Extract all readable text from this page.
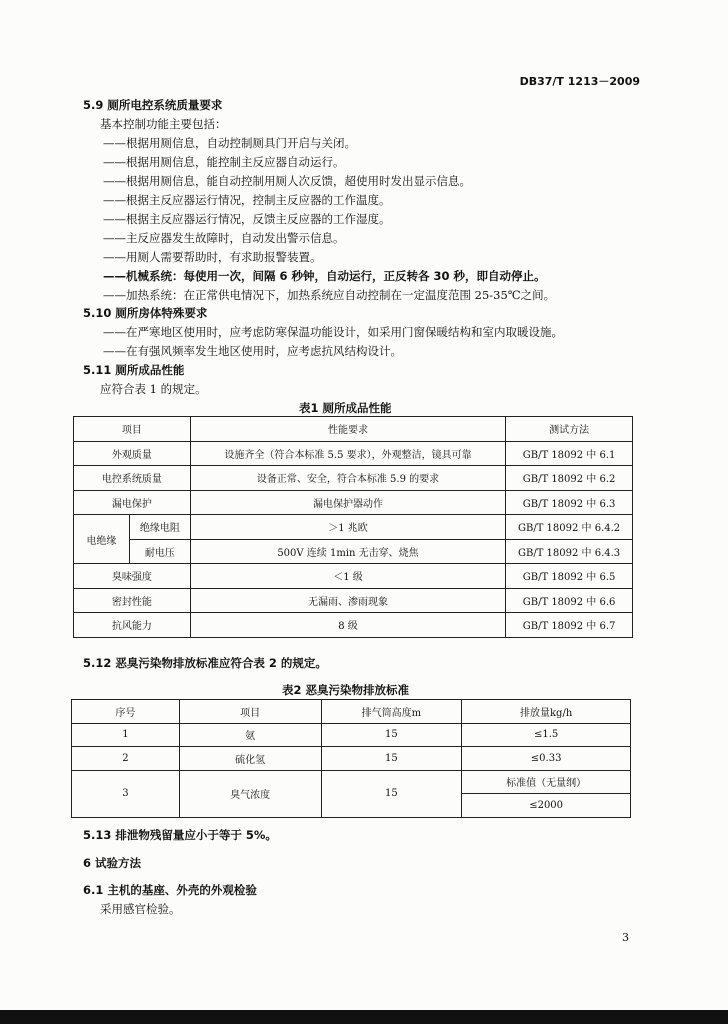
DB37/T 1213－2009
5.9 厕所电控系统质量要求
基本控制功能主要包括：
——根据用厕信息，自动控制厕具门开启与关闭。
——根据用厕信息，能控制主反应器自动运行。
——根据用厕信息，能自动控制用厕人次反馈，超使用时发出显示信息。
——根据主反应器运行情况，控制主反应器的工作温度。
——根据主反应器运行情况，反馈主反应器的工作湿度。
——主反应器发生故障时，自动发出警示信息。
——用厕人需要帮助时，有求助报警装置。
——机械系统：每使用一次，间隔 6 秒钟，自动运行，正反转各 30 秒，即自动停止。
——加热系统：在正常供电情况下，加热系统应自动控制在一定温度范围 25-35℃之间。
5.10 厕所房体特殊要求
——在严寒地区使用时，应考虑防寒保温功能设计，如采用门窗保暖结构和室内取暖设施。
——在有强风频率发生地区使用时，应考虑抗风结构设计。
5.11 厕所成品性能
应符合表 1 的规定。
表1 厕所成品性能
项目		性能要求	测试方法
外观质量		设施齐全（符合本标准 5.5 要求），外观整洁，镜具可靠	GB/T 18092 中 6.1
电控系统质量		设备正常、安全，符合本标准 5.9 的要求	GB/T 18092 中 6.2
漏电保护		漏电保护器动作	GB/T 18092 中 6.3
电绝缘	绝缘电阻	＞1 兆欧	GB/T 18092 中 6.4.2
	耐电压	500V 连续 1min 无击穿、烧焦	GB/T 18092 中 6.4.3
臭味强度		＜1 级	GB/T 18092 中 6.5
密封性能		无漏雨、渗雨现象	GB/T 18092 中 6.6
抗风能力		8 级	GB/T 18092 中 6.7
5.12 恶臭污染物排放标准应符合表 2 的规定。
表2 恶臭污染物排放标准
序号	项目	排气筒高度m	排放量kg/h
1	氨	15	≤1.5
2	硫化氢	15	≤0.33
3	臭气浓度	15	标准值（无量纲）
			≤2000
5.13 排泄物残留量应小于等于 5%。
6 试验方法
6.1 主机的基座、外壳的外观检验
采用感官检验。
3
